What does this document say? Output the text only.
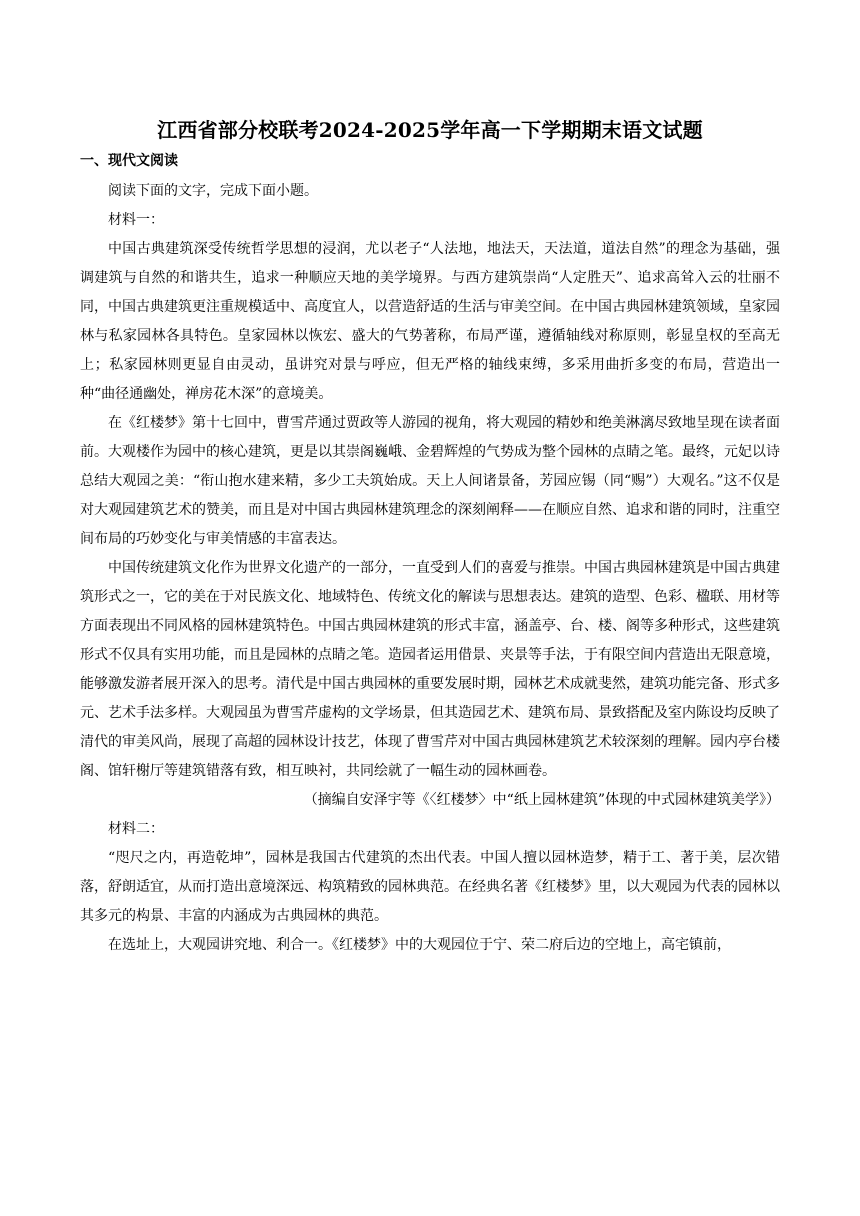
江西省部分校联考2024-2025学年高一下学期期末语文试题
一、现代文阅读

阅读下面的文字，完成下面小题。

材料一：

中国古典建筑深受传统哲学思想的浸润，尤以老子“人法地，地法天，天法道，道法自然”的理念为基础，强调建筑与自然的和谐共生，追求一种顺应天地的美学境界。与西方建筑崇尚“人定胜天”、追求高耸入云的壮丽不同，中国古典建筑更注重规模适中、高度宜人，以营造舒适的生活与审美空间。在中国古典园林建筑领域，皇家园林与私家园林各具特色。皇家园林以恢宏、盛大的气势著称，布局严谨，遵循轴线对称原则，彰显皇权的至高无上；私家园林则更显自由灵动，虽讲究对景与呼应，但无严格的轴线束缚，多采用曲折多变的布局，营造出一种“曲径通幽处，禅房花木深”的意境美。

在《红楼梦》第十七回中，曹雪芹通过贾政等人游园的视角，将大观园的精妙和绝美淋漓尽致地呈现在读者面前。大观楼作为园中的核心建筑，更是以其崇阁巍峨、金碧辉煌的气势成为整个园林的点睛之笔。最终，元妃以诗总结大观园之美：“衔山抱水建来精，多少工夫筑始成。天上人间诸景备，芳园应锡（同“赐”）大观名。”这不仅是对大观园建筑艺术的赞美，而且是对中国古典园林建筑理念的深刻阐释——在顺应自然、追求和谐的同时，注重空间布局的巧妙变化与审美情感的丰富表达。

中国传统建筑文化作为世界文化遗产的一部分，一直受到人们的喜爱与推崇。中国古典园林建筑是中国古典建筑形式之一，它的美在于对民族文化、地域特色、传统文化的解读与思想表达。建筑的造型、色彩、楹联、用材等方面表现出不同风格的园林建筑特色。中国古典园林建筑的形式丰富，涵盖亭、台、楼、阁等多种形式，这些建筑形式不仅具有实用功能，而且是园林的点睛之笔。造园者运用借景、夹景等手法，于有限空间内营造出无限意境，能够激发游者展开深入的思考。清代是中国古典园林的重要发展时期，园林艺术成就斐然，建筑功能完备、形式多元、艺术手法多样。大观园虽为曹雪芹虚构的文学场景，但其造园艺术、建筑布局、景致搭配及室内陈设均反映了清代的审美风尚，展现了高超的园林设计技艺，体现了曹雪芹对中国古典园林建筑艺术较深刻的理解。园内亭台楼阁、馆轩榭厅等建筑错落有致，相互映衬，共同绘就了一幅生动的园林画卷。

（摘编自安泽宇等《〈红楼梦〉中“纸上园林建筑”体现的中式园林建筑美学》）

材料二：

“咫尺之内，再造乾坤”，园林是我国古代建筑的杰出代表。中国人擅以园林造梦，精于工、著于美，层次错落，舒朗适宜，从而打造出意境深远、构筑精致的园林典范。在经典名著《红楼梦》里，以大观园为代表的园林以其多元的构景、丰富的内涵成为古典园林的典范。

在选址上，大观园讲究地、利合一。《红楼梦》中的大观园位于宁、荣二府后边的空地上，高宅镇前，
